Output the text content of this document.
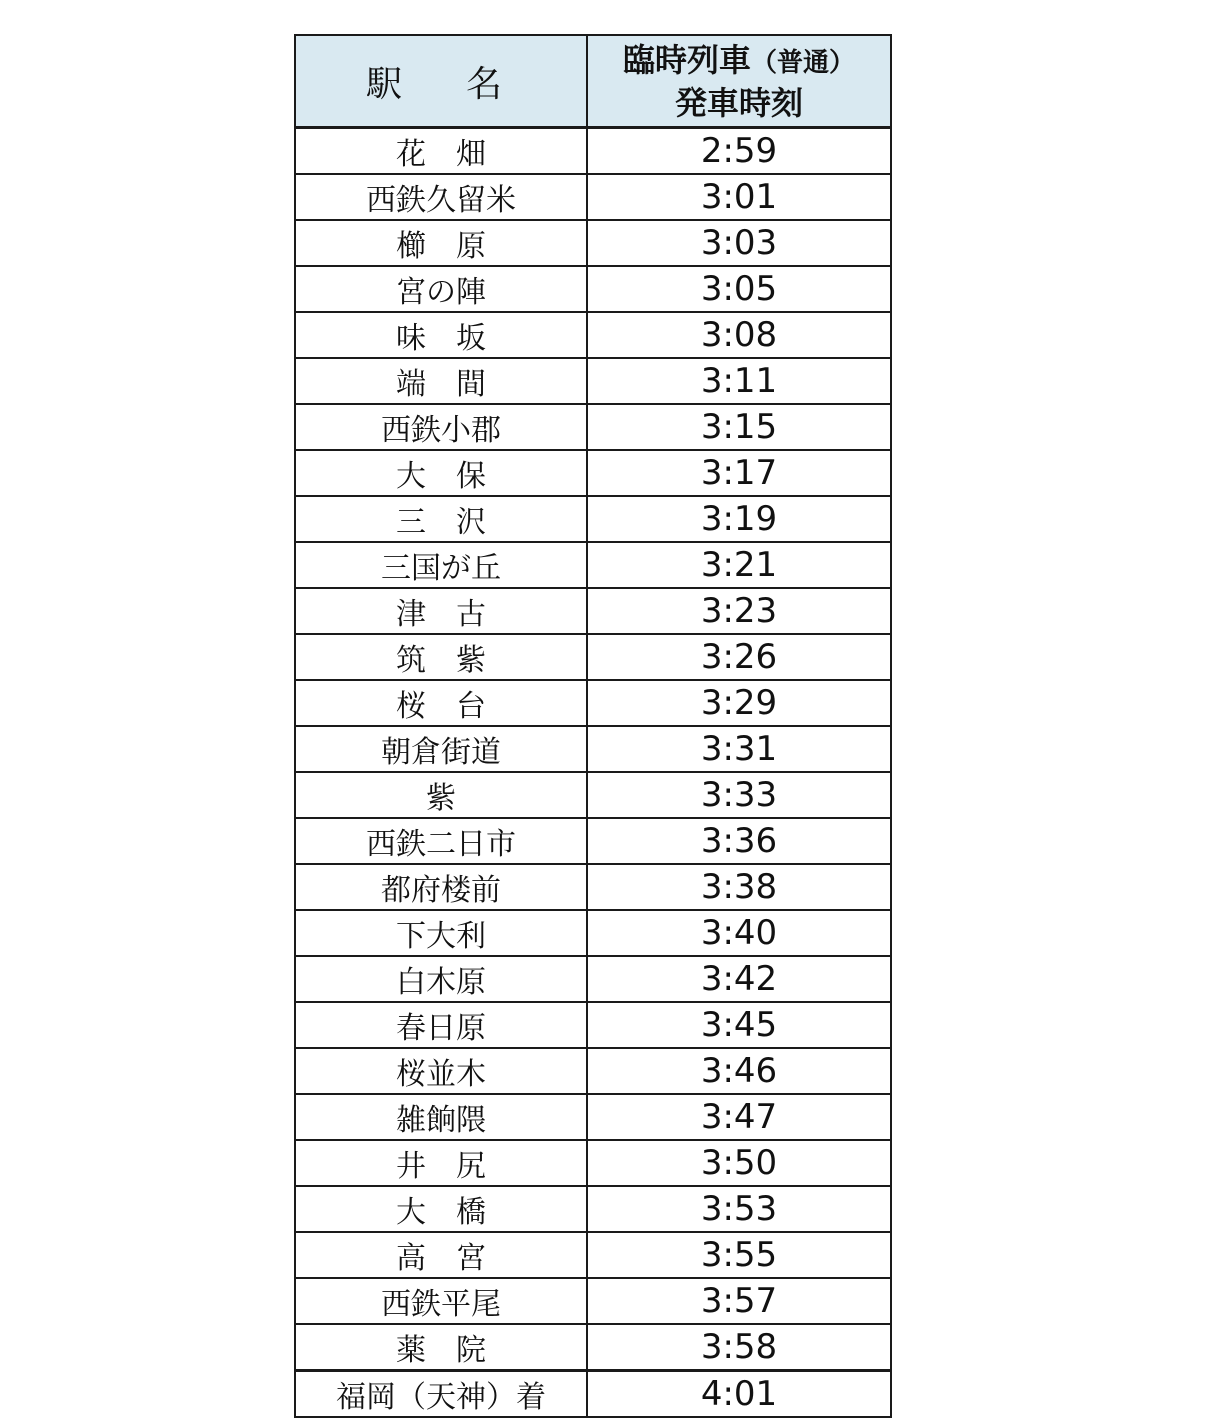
駅　名	臨時列車（普通）
発車時刻

花　畑	2:59
西鉄久留米	3:01
櫛　原	3:03
宮の陣	3:05
味　坂	3:08
端　間	3:11
西鉄小郡	3:15
大　保	3:17
三　沢	3:19
三国が丘	3:21
津　古	3:23
筑　紫	3:26
桜　台	3:29
朝倉街道	3:31
紫	3:33
西鉄二日市	3:36
都府楼前	3:38
下大利	3:40
白木原	3:42
春日原	3:45
桜並木	3:46
雑餉隈	3:47
井　尻	3:50
大　橋	3:53
高　宮	3:55
西鉄平尾	3:57
薬　院	3:58
福岡（天神）着	4:01
